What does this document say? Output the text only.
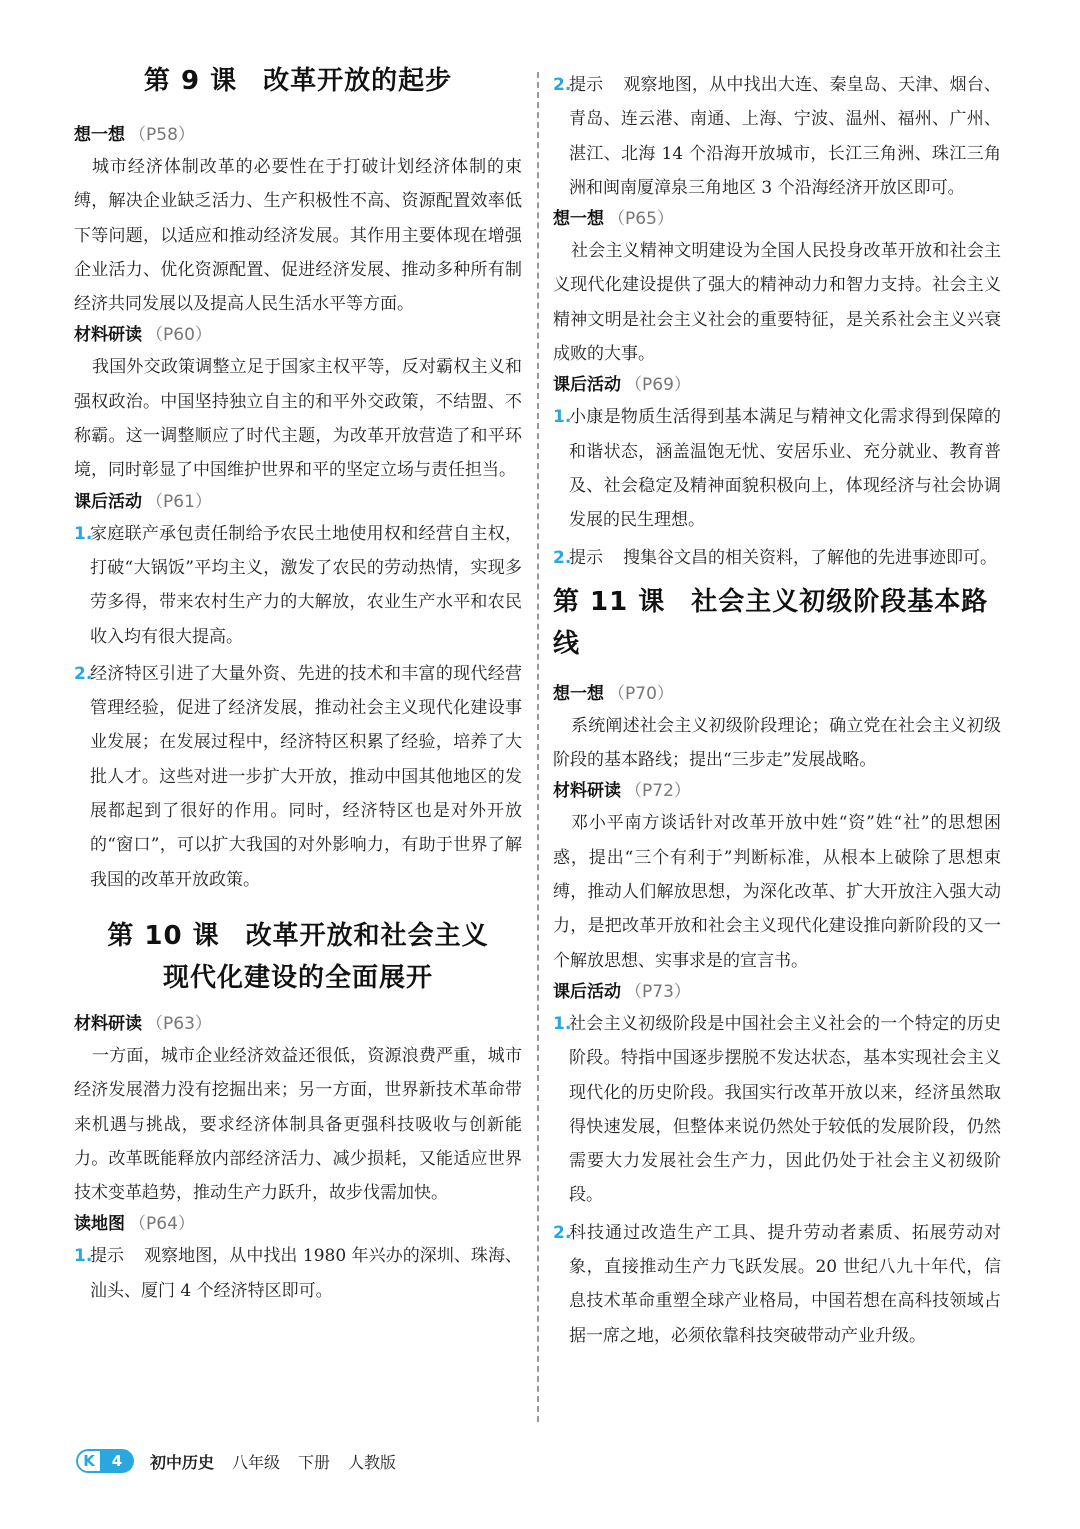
第 9 课 改革开放的起步
想一想 （P58）

城市经济体制改革的必要性在于打破计划经济体制的束缚，解决企业缺乏活力、生产积极性不高、资源配置效率低下等问题，以适应和推动经济发展。其作用主要体现在增强企业活力、优化资源配置、促进经济发展、推动多种所有制经济共同发展以及提高人民生活水平等方面。

材料研读 （P60）

我国外交政策调整立足于国家主权平等，反对霸权主义和强权政治。中国坚持独立自主的和平外交政策，不结盟、不称霸。这一调整顺应了时代主题，为改革开放营造了和平环境，同时彰显了中国维护世界和平的坚定立场与责任担当。

课后活动 （P61）
1.
家庭联产承包责任制给予农民土地使用权和经营自主权，打破“大锅饭”平均主义，激发了农民的劳动热情，实现多劳多得，带来农村生产力的大解放，农业生产水平和农民收入均有很大提高。
2.
经济特区引进了大量外资、先进的技术和丰富的现代经营管理经验，促进了经济发展，推动社会主义现代化建设事业发展；在发展过程中，经济特区积累了经验，培养了大批人才。这些对进一步扩大开放，推动中国其他地区的发展都起到了很好的作用。同时，经济特区也是对外开放的“窗口”，可以扩大我国的对外影响力，有助于世界了解我国的改革开放政策。
第 10 课 改革开放和社会主义
现代化建设的全面展开
材料研读 （P63）

一方面，城市企业经济效益还很低，资源浪费严重，城市经济发展潜力没有挖掘出来；另一方面，世界新技术革命带来机遇与挑战，要求经济体制具备更强科技吸收与创新能力。改革既能释放内部经济活力、减少损耗，又能适应世界技术变革趋势，推动生产力跃升，故步伐需加快。

读地图 （P64）
1.
提示 观察地图，从中找出 1980 年兴办的深圳、珠海、汕头、厦门 4 个经济特区即可。
2.
提示 观察地图，从中找出大连、秦皇岛、天津、烟台、青岛、连云港、南通、上海、宁波、温州、福州、广州、湛江、北海 14 个沿海开放城市，长江三角洲、珠江三角洲和闽南厦漳泉三角地区 3 个沿海经济开放区即可。
想一想 （P65）

社会主义精神文明建设为全国人民投身改革开放和社会主义现代化建设提供了强大的精神动力和智力支持。社会主义精神文明是社会主义社会的重要特征，是关系社会主义兴衰成败的大事。

课后活动 （P69）
1.
小康是物质生活得到基本满足与精神文化需求得到保障的和谐状态，涵盖温饱无忧、安居乐业、充分就业、教育普及、社会稳定及精神面貌积极向上，体现经济与社会协调发展的民生理想。
2.
提示 搜集谷文昌的相关资料，了解他的先进事迹即可。
第 11 课 社会主义初级阶段基本路线
想一想 （P70）

系统阐述社会主义初级阶段理论；确立党在社会主义初级阶段的基本路线；提出“三步走”发展战略。

材料研读 （P72）

邓小平南方谈话针对改革开放中姓“资”姓“社”的思想困惑，提出“三个有利于”判断标准，从根本上破除了思想束缚，推动人们解放思想，为深化改革、扩大开放注入强大动力，是把改革开放和社会主义现代化建设推向新阶段的又一个解放思想、实事求是的宣言书。

课后活动 （P73）
1.
社会主义初级阶段是中国社会主义社会的一个特定的历史阶段。特指中国逐步摆脱不发达状态，基本实现社会主义现代化的历史阶段。我国实行改革开放以来，经济虽然取得快速发展，但整体来说仍然处于较低的发展阶段，仍然需要大力发展社会生产力，因此仍处于社会主义初级阶段。
2.
科技通过改造生产工具、提升劳动者素质、拓展劳动对象，直接推动生产力飞跃发展。20 世纪八九十年代，信息技术革命重塑全球产业格局，中国若想在高科技领域占据一席之地，必须依靠科技突破带动产业升级。
K	4	初中历史 八年级 下册 人教版
